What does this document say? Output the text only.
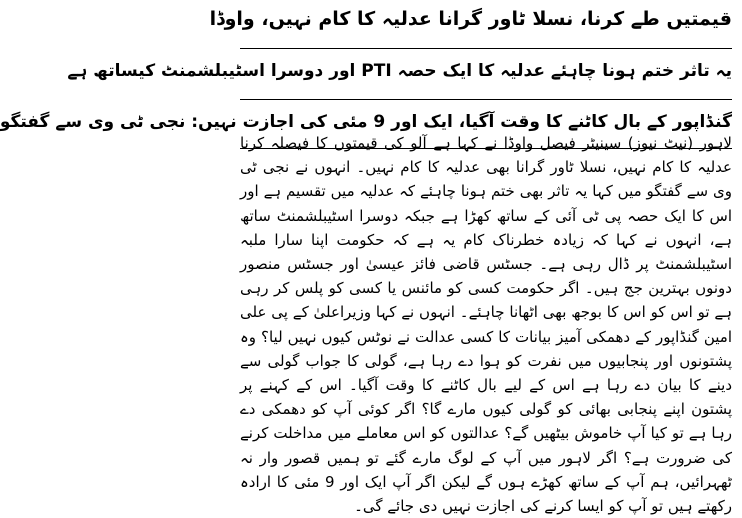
قیمتیں طے کرنا، نسلا ٹاور گرانا عدلیہ کا کام نہیں، واوڈا
یہ تاثر ختم ہونا چاہئے عدلیہ کا ایک حصہ PTI اور دوسرا اسٹیبلشمنٹ کیساتھ ہے
گنڈاپور کے بال کاٹنے کا وقت آگیا، ایک اور 9 مئی کی اجازت نہیں: نجی ٹی وی سے گفتگو

لاہور (نیٹ نیوز) سینیٹر فیصل واوڈا نے کہا ہے آلو کی قیمتوں کا فیصلہ کرنا عدلیہ کا کام نہیں، نسلا ٹاور گرانا بھی عدلیہ کا کام نہیں۔ انہوں نے نجی ٹی وی سے گفتگو میں کہا یہ تاثر بھی ختم ہونا چاہئے کہ عدلیہ میں تقسیم ہے اور اس کا ایک حصہ پی ٹی آئی کے ساتھ کھڑا ہے جبکہ دوسرا اسٹیبلشمنٹ ساتھ ہے، انہوں نے کہا کہ زیادہ خطرناک کام یہ ہے کہ حکومت اپنا سارا ملبہ اسٹیبلشمنٹ پر ڈال رہی ہے۔ جسٹس قاضی فائز عیسیٰ اور جسٹس منصور دونوں بہترین جج ہیں۔ اگر حکومت کسی کو مائنس یا کسی کو پلس کر رہی ہے تو اس کو اس کا بوجھ بھی اٹھانا چاہئے۔ انہوں نے کہا وزیراعلیٰ کے پی علی امین گنڈاپور کے دھمکی آمیز بیانات کا کسی عدالت نے نوٹس کیوں نہیں لیا؟ وہ پشتونوں اور پنجابیوں میں نفرت کو ہوا دے رہا ہے، گولی کا جواب گولی سے دینے کا بیان دے رہا ہے اس کے لیے بال کاٹنے کا وقت آگیا۔ اس کے کہنے پر پشتون اپنے پنجابی بھائی کو گولی کیوں مارے گا؟ اگر کوئی آپ کو دھمکی دے رہا ہے تو کیا آپ خاموش بیٹھیں گے؟ عدالتوں کو اس معاملے میں مداخلت کرنے کی ضرورت ہے؟ اگر لاہور میں آپ کے لوگ مارے گئے تو ہمیں قصور وار نہ ٹھہرائیں، ہم آپ کے ساتھ کھڑے ہوں گے لیکن اگر آپ ایک اور 9 مئی کا ارادہ رکھتے ہیں تو آپ کو ایسا کرنے کی اجازت نہیں دی جائے گی۔
